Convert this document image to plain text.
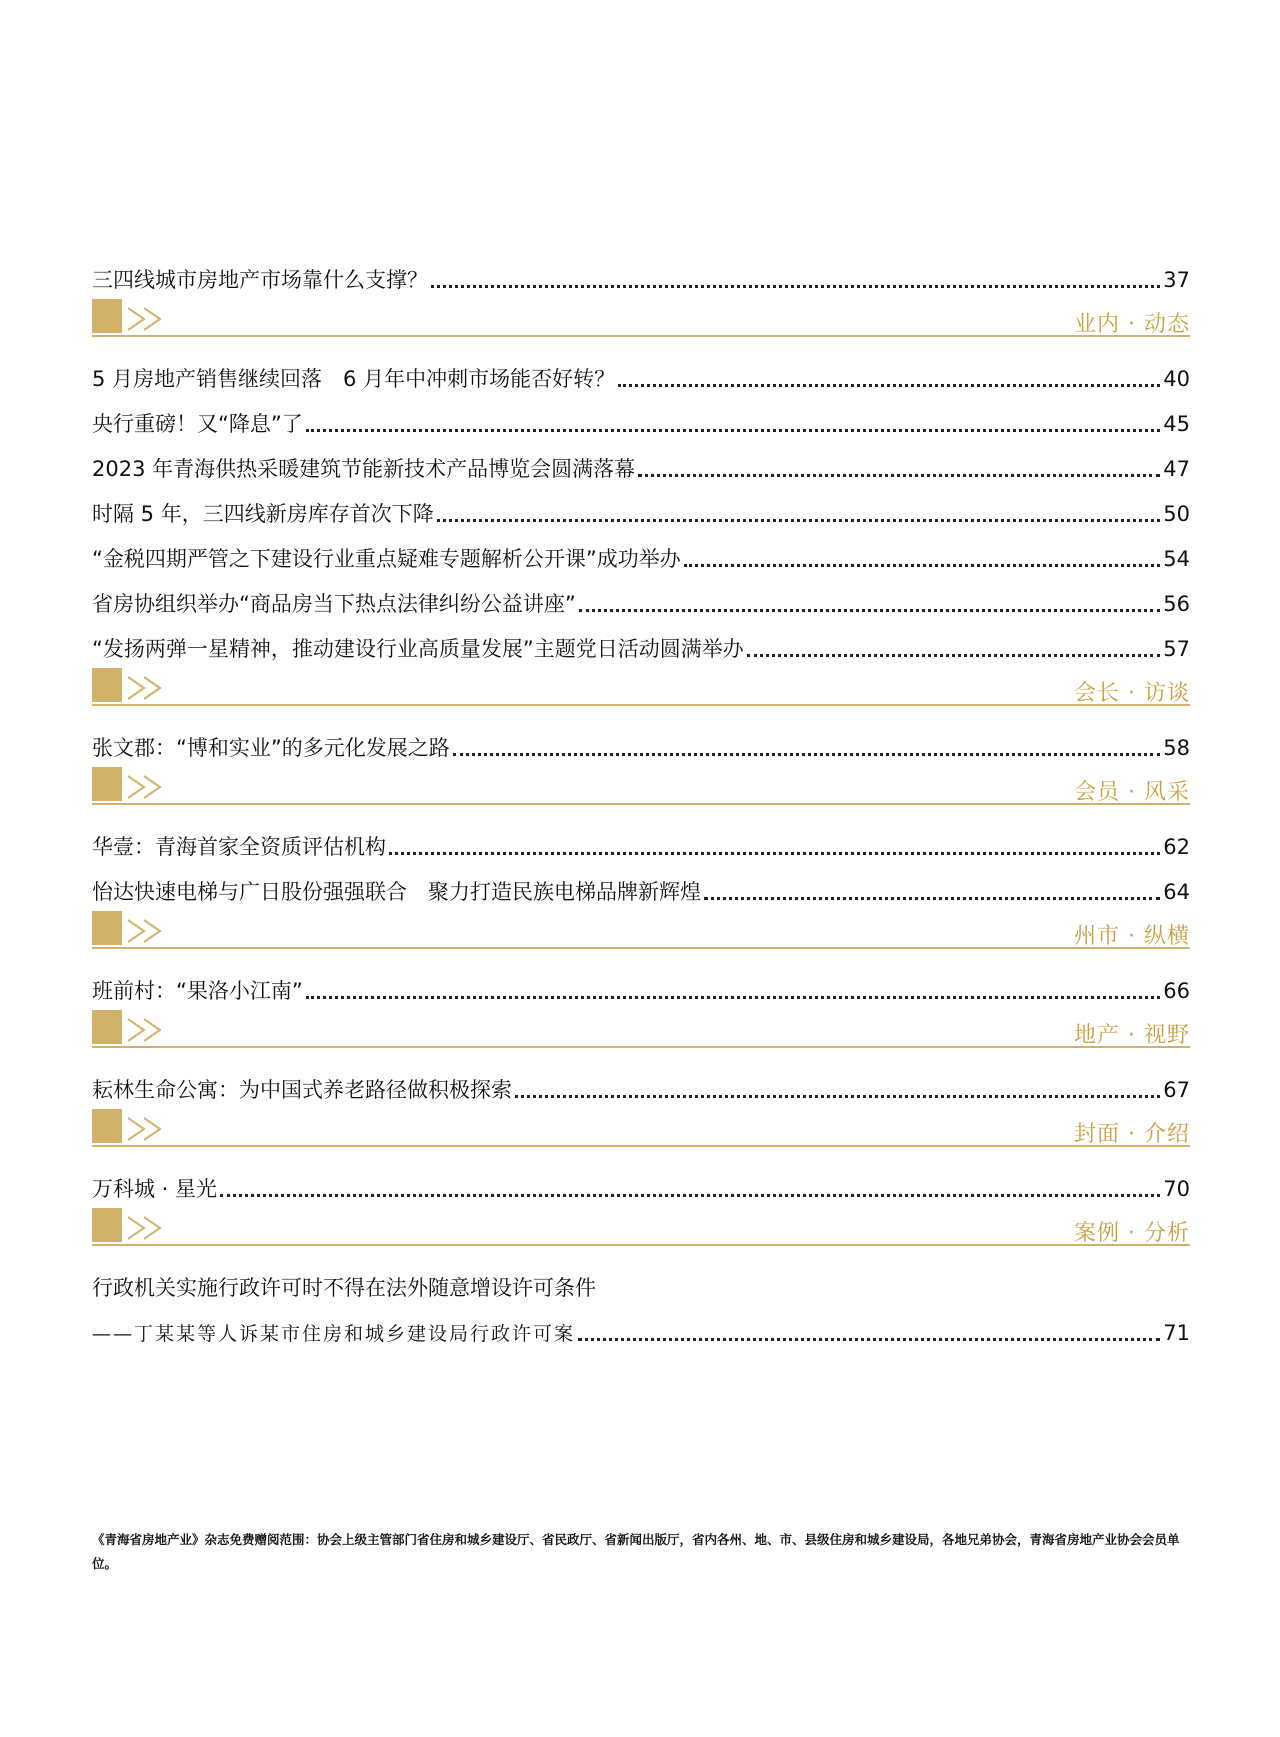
三四线城市房地产市场靠什么支撑？	37
业内 · 动态
5 月房地产销售继续回落　6 月年中冲刺市场能否好转？	40
央行重磅！又“降息”了	45
2023 年青海供热采暖建筑节能新技术产品博览会圆满落幕	47
时隔 5 年，三四线新房库存首次下降	50
“金税四期严管之下建设行业重点疑难专题解析公开课”成功举办	54
省房协组织举办“商品房当下热点法律纠纷公益讲座”	56
“发扬两弹一星精神，推动建设行业高质量发展”主题党日活动圆满举办	57
会长 · 访谈
张文郡：“博和实业”的多元化发展之路	58
会员 · 风采
华壹：青海首家全资质评估机构	62
怡达快速电梯与广日股份强强联合　聚力打造民族电梯品牌新辉煌	64
州市 · 纵横
班前村：“果洛小江南”	66
地产 · 视野
耘林生命公寓：为中国式养老路径做积极探索	67
封面 · 介绍
万科城 · 星光	70
案例 · 分析
行政机关实施行政许可时不得在法外随意增设许可条件
——丁某某等人诉某市住房和城乡建设局行政许可案	71
《青海省房地产业》杂志免费赠阅范围：协会上级主管部门省住房和城乡建设厅、省民政厅、省新闻出版厅，省内各州、地、市、县级住房和城乡建设局，各地兄弟协会，青海省房地产业协会会员单位。
